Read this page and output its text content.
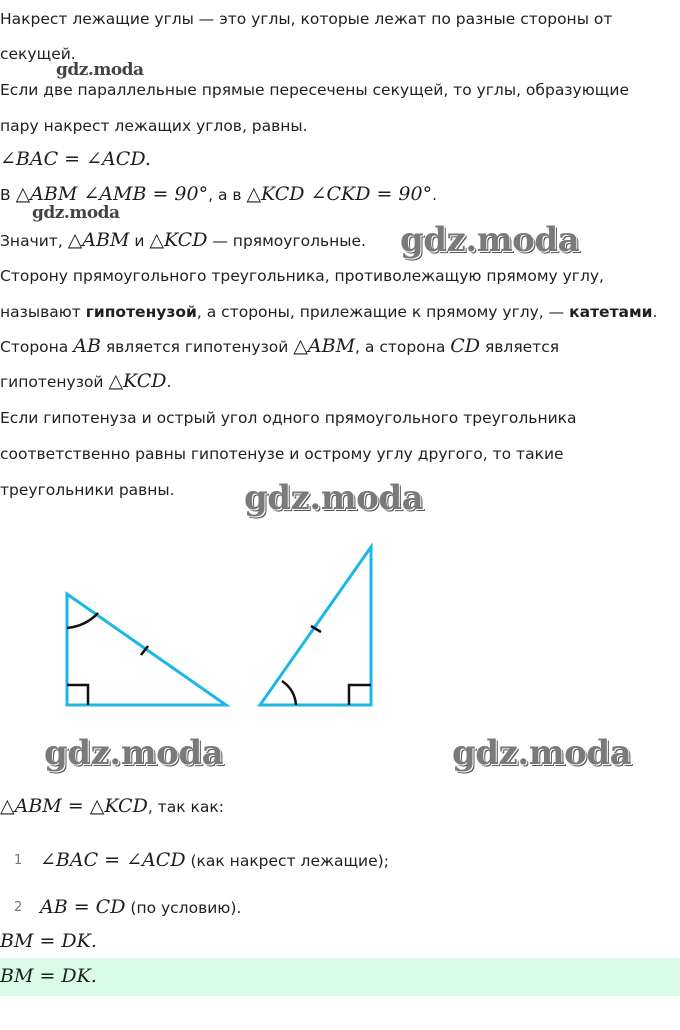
Накрест лежащие углы — это углы, которые лежат по разные стороны от
секущей.
Если две параллельные прямые пересечены секущей, то углы, образующие
пару накрест лежащих углов, равны.
∠BAC = ∠ACD.
В △ABM ∠AMB = 90°, а в △KCD ∠CKD = 90°.
Значит, △ABM и △KCD — прямоугольные.
Сторону прямоугольного треугольника, противолежащую прямому углу,
называют гипотенузой, а стороны, прилежащие к прямому углу, — катетами.
Сторона AB является гипотенузой △ABM, а сторона CD является
гипотенузой △KCD.
Если гипотенуза и острый угол одного прямоугольного треугольника
соответственно равны гипотенузе и острому углу другого, то такие
треугольники равны.
△ABM = △KCD, так как:
1 ∠BAC = ∠ACD (как накрест лежащие);
2 AB = CD (по условию).
BM = DK.
BM = DK.
gdz.moda
gdz.moda
gdz.moda
gdz.moda
gdz.moda	gdz.moda
